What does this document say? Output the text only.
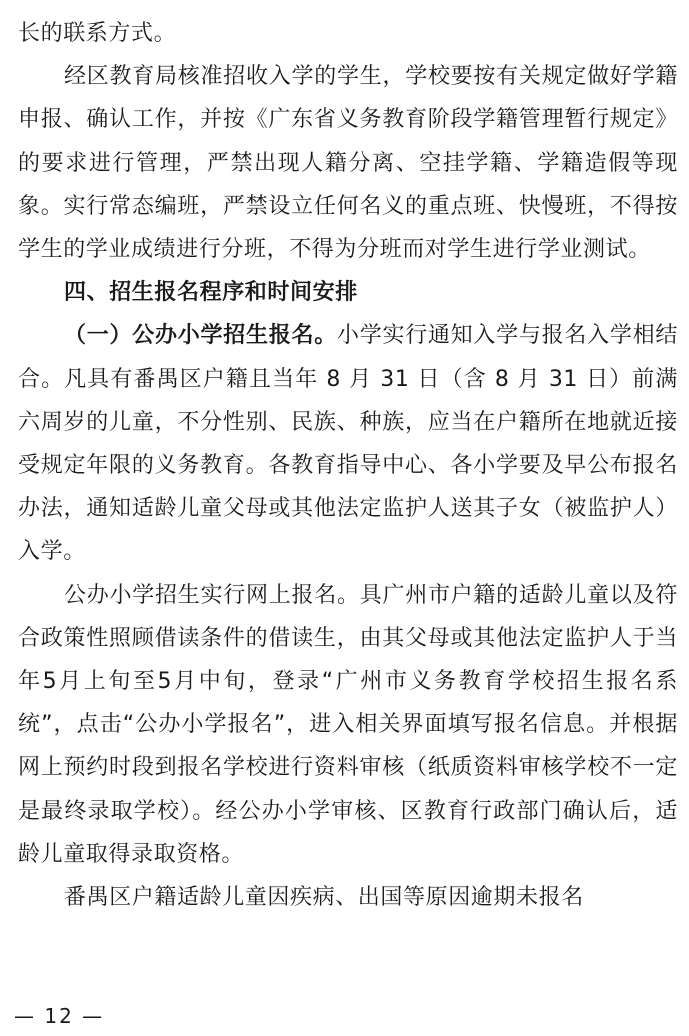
长的联系方式。

经区教育局核准招收入学的学生，学校要按有关规定做好学籍申报、确认工作，并按《广东省义务教育阶段学籍管理暂行规定》的要求进行管理，严禁出现人籍分离、空挂学籍、学籍造假等现象。实行常态编班，严禁设立任何名义的重点班、快慢班，不得按学生的学业成绩进行分班，不得为分班而对学生进行学业测试。

四、招生报名程序和时间安排

（一）公办小学招生报名。小学实行通知入学与报名入学相结合。凡具有番禺区户籍且当年 8 月 31 日（含 8 月 31 日）前满六周岁的儿童，不分性别、民族、种族，应当在户籍所在地就近接受规定年限的义务教育。各教育指导中心、各小学要及早公布报名办法，通知适龄儿童父母或其他法定监护人送其子女（被监护人）入学。

公办小学招生实行网上报名。具广州市户籍的适龄儿童以及符合政策性照顾借读条件的借读生，由其父母或其他法定监护人于当年5月上旬至5月中旬，登录“广州市义务教育学校招生报名系统”，点击“公办小学报名”，进入相关界面填写报名信息。并根据网上预约时段到报名学校进行资料审核（纸质资料审核学校不一定是最终录取学校）。经公办小学审核、区教育行政部门确认后，适龄儿童取得录取资格。

番禺区户籍适龄儿童因疾病、出国等原因逾期未报名

— 12 —
